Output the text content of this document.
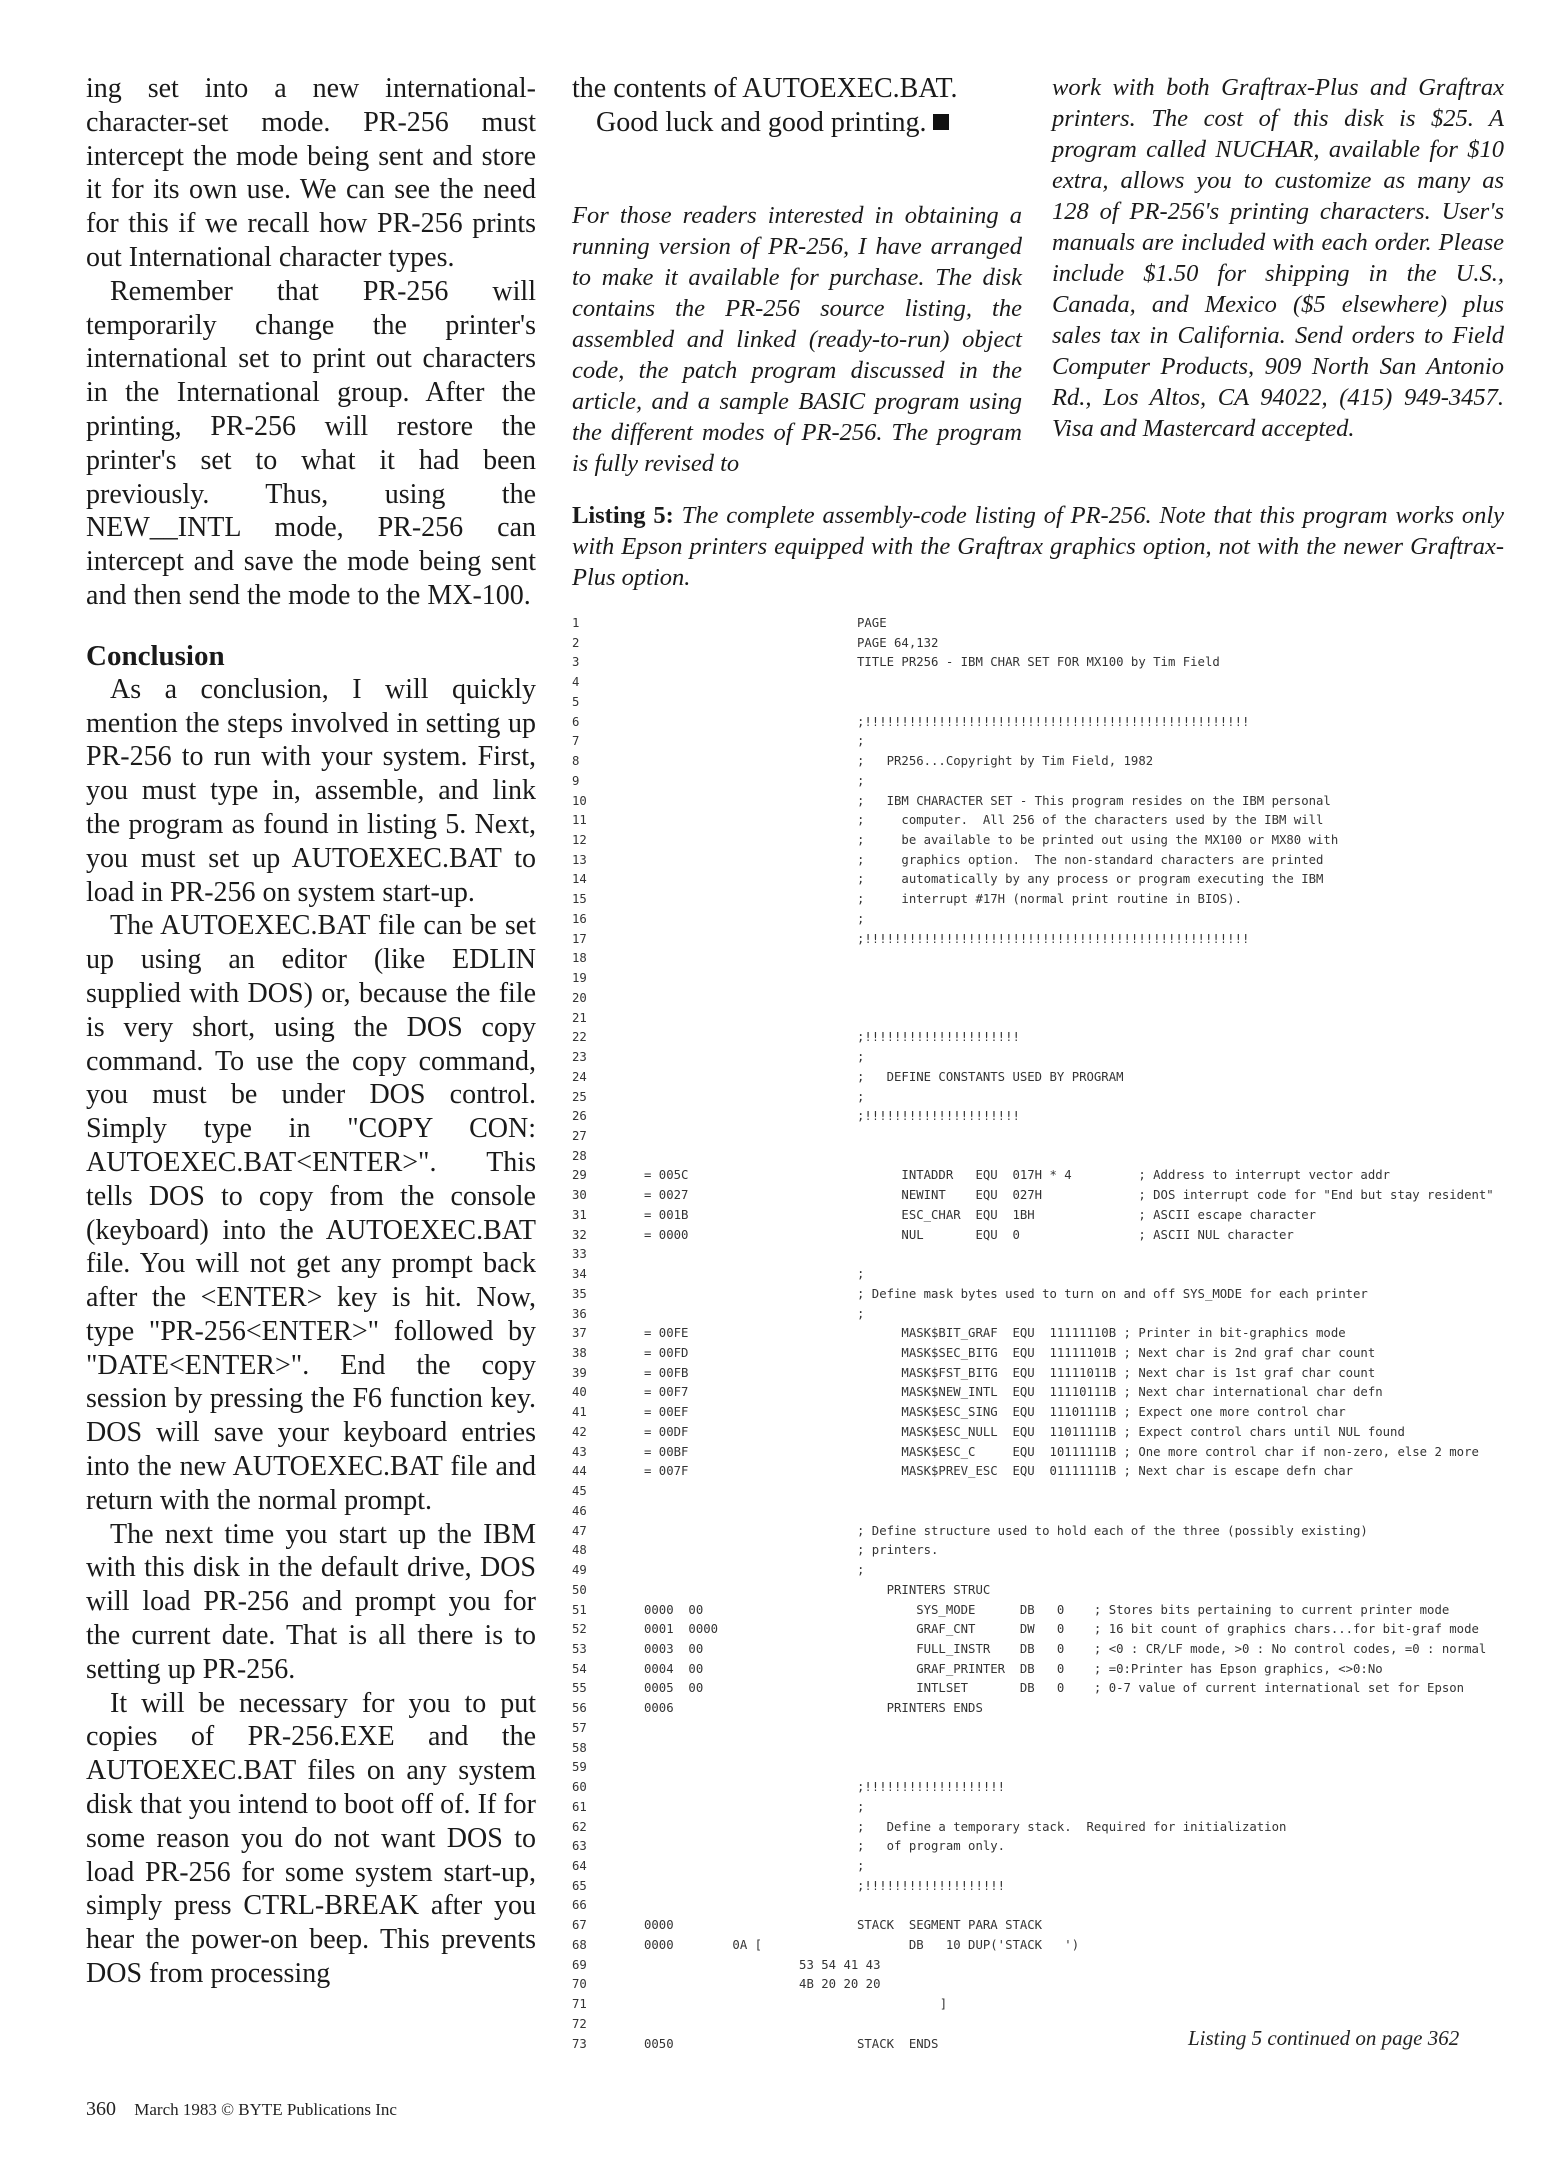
ing set into a new international-character-set mode. PR-256 must intercept the mode being sent and store it for its own use. We can see the need for this if we recall how PR-256 prints out International character types.

Remember that PR-256 will temporarily change the printer's international set to print out characters in the International group. After the printing, PR-256 will restore the printer's set to what it had been previously. Thus, using the NEW__INTL mode, PR-256 can intercept and save the mode being sent and then send the mode to the MX-100.

Conclusion

As a conclusion, I will quickly mention the steps involved in setting up PR-256 to run with your system. First, you must type in, assemble, and link the program as found in listing 5. Next, you must set up AUTOEXEC.BAT to load in PR-256 on system start-up.

The AUTOEXEC.BAT file can be set up using an editor (like EDLIN supplied with DOS) or, because the file is very short, using the DOS copy command. To use the copy command, you must be under DOS control. Simply type in "COPY CON: AUTOEXEC.BAT<ENTER>". This tells DOS to copy from the console (keyboard) into the AUTOEXEC.BAT file. You will not get any prompt back after the <ENTER> key is hit. Now, type "PR-256<ENTER>" followed by "DATE<ENTER>". End the copy session by pressing the F6 function key. DOS will save your keyboard entries into the new AUTOEXEC.BAT file and return with the normal prompt.

The next time you start up the IBM with this disk in the default drive, DOS will load PR-256 and prompt you for the current date. That is all there is to setting up PR-256.

It will be necessary for you to put copies of PR-256.EXE and the AUTOEXEC.BAT files on any system disk that you intend to boot off of. If for some reason you do not want DOS to load PR-256 for some system start-up, simply press CTRL-BREAK after you hear the power-on beep. This prevents DOS from processing

the contents of AUTOEXEC.BAT.

Good luck and good printing.

For those readers interested in obtaining a running version of PR-256, I have arranged to make it available for purchase. The disk contains the PR-256 source listing, the assembled and linked (ready-to-run) object code, the patch program discussed in the article, and a sample BASIC program using the different modes of PR-256. The program is fully revised to
work with both Graftrax-Plus and Graftrax printers. The cost of this disk is $25. A program called NUCHAR, available for $10 extra, allows you to customize as many as 128 of PR-256's printing characters. User's manuals are included with each order. Please include $1.50 for shipping in the U.S., Canada, and Mexico ($5 elsewhere) plus sales tax in California. Send orders to Field Computer Products, 909 North San Antonio Rd., Los Altos, CA 94022, (415) 949-3457. Visa and Mastercard accepted.
Listing 5: The complete assembly-code listing of PR-256. Note that this program works only with Epson printers equipped with the Graftrax graphics option, not with the newer Graftrax-Plus option.
1	PAGE
2	PAGE 64,132
3	TITLE PR256 - IBM CHAR SET FOR MX100 by Tim Field
4
5
6	;!!!!!!!!!!!!!!!!!!!!!!!!!!!!!!!!!!!!!!!!!!!!!!!!!!!!
7	;
8	;   PR256...Copyright by Tim Field, 1982
9	;
10	;   IBM CHARACTER SET - This program resides on the IBM personal
11	;     computer.  All 256 of the characters used by the IBM will
12	;     be available to be printed out using the MX100 or MX80 with
13	;     graphics option.  The non-standard characters are printed
14	;     automatically by any process or program executing the IBM
15	;     interrupt #17H (normal print routine in BIOS).
16	;
17	;!!!!!!!!!!!!!!!!!!!!!!!!!!!!!!!!!!!!!!!!!!!!!!!!!!!!
18
19
20
21
22	;!!!!!!!!!!!!!!!!!!!!!
23	;
24	;   DEFINE CONSTANTS USED BY PROGRAM
25	;
26	;!!!!!!!!!!!!!!!!!!!!!
27
28
29	= 005C	INTADDR   EQU  017H * 4         ; Address to interrupt vector addr
30	= 0027	NEWINT    EQU  027H             ; DOS interrupt code for "End but stay resident"
31	= 001B	ESC_CHAR  EQU  1BH              ; ASCII escape character
32	= 0000	NUL       EQU  0                ; ASCII NUL character
33
34	;
35	; Define mask bytes used to turn on and off SYS_MODE for each printer
36	;
37	= 00FE	MASK$BIT_GRAF  EQU  11111110B ; Printer in bit-graphics mode
38	= 00FD	MASK$SEC_BITG  EQU  11111101B ; Next char is 2nd graf char count
39	= 00FB	MASK$FST_BITG  EQU  11111011B ; Next char is 1st graf char count
40	= 00F7	MASK$NEW_INTL  EQU  11110111B ; Next char international char defn
41	= 00EF	MASK$ESC_SING  EQU  11101111B ; Expect one more control char
42	= 00DF	MASK$ESC_NULL  EQU  11011111B ; Expect control chars until NUL found
43	= 00BF	MASK$ESC_C     EQU  10111111B ; One more control char if non-zero, else 2 more
44	= 007F	MASK$PREV_ESC  EQU  01111111B ; Next char is escape defn char
45
46
47	; Define structure used to hold each of the three (possibly existing)
48	; printers.
49	;
50	PRINTERS STRUC
51	0000  00	SYS_MODE      DB   0    ; Stores bits pertaining to current printer mode
52	0001  0000	GRAF_CNT      DW   0    ; 16 bit count of graphics chars...for bit-graf mode
53	0003  00	FULL_INSTR    DB   0    ; <0 : CR/LF mode, >0 : No control codes, =0 : normal
54	0004  00	GRAF_PRINTER  DB   0    ; =0:Printer has Epson graphics, <>0:No
55	0005  00	INTLSET       DB   0    ; 0-7 value of current international set for Epson
56	0006	PRINTERS ENDS
57
58
59
60	;!!!!!!!!!!!!!!!!!!!
61	;
62	;   Define a temporary stack.  Required for initialization
63	;   of program only.
64	;
65	;!!!!!!!!!!!!!!!!!!!
66
67	0000	STACK  SEGMENT PARA STACK
68	0000 0A [	DB   10 DUP('STACK   ')
69	53 54 41 43
70	4B 20 20 20
71	]
72
73	0050	STACK  ENDS	Listing 5 continued on page 362
360 March 1983 © BYTE Publications Inc
